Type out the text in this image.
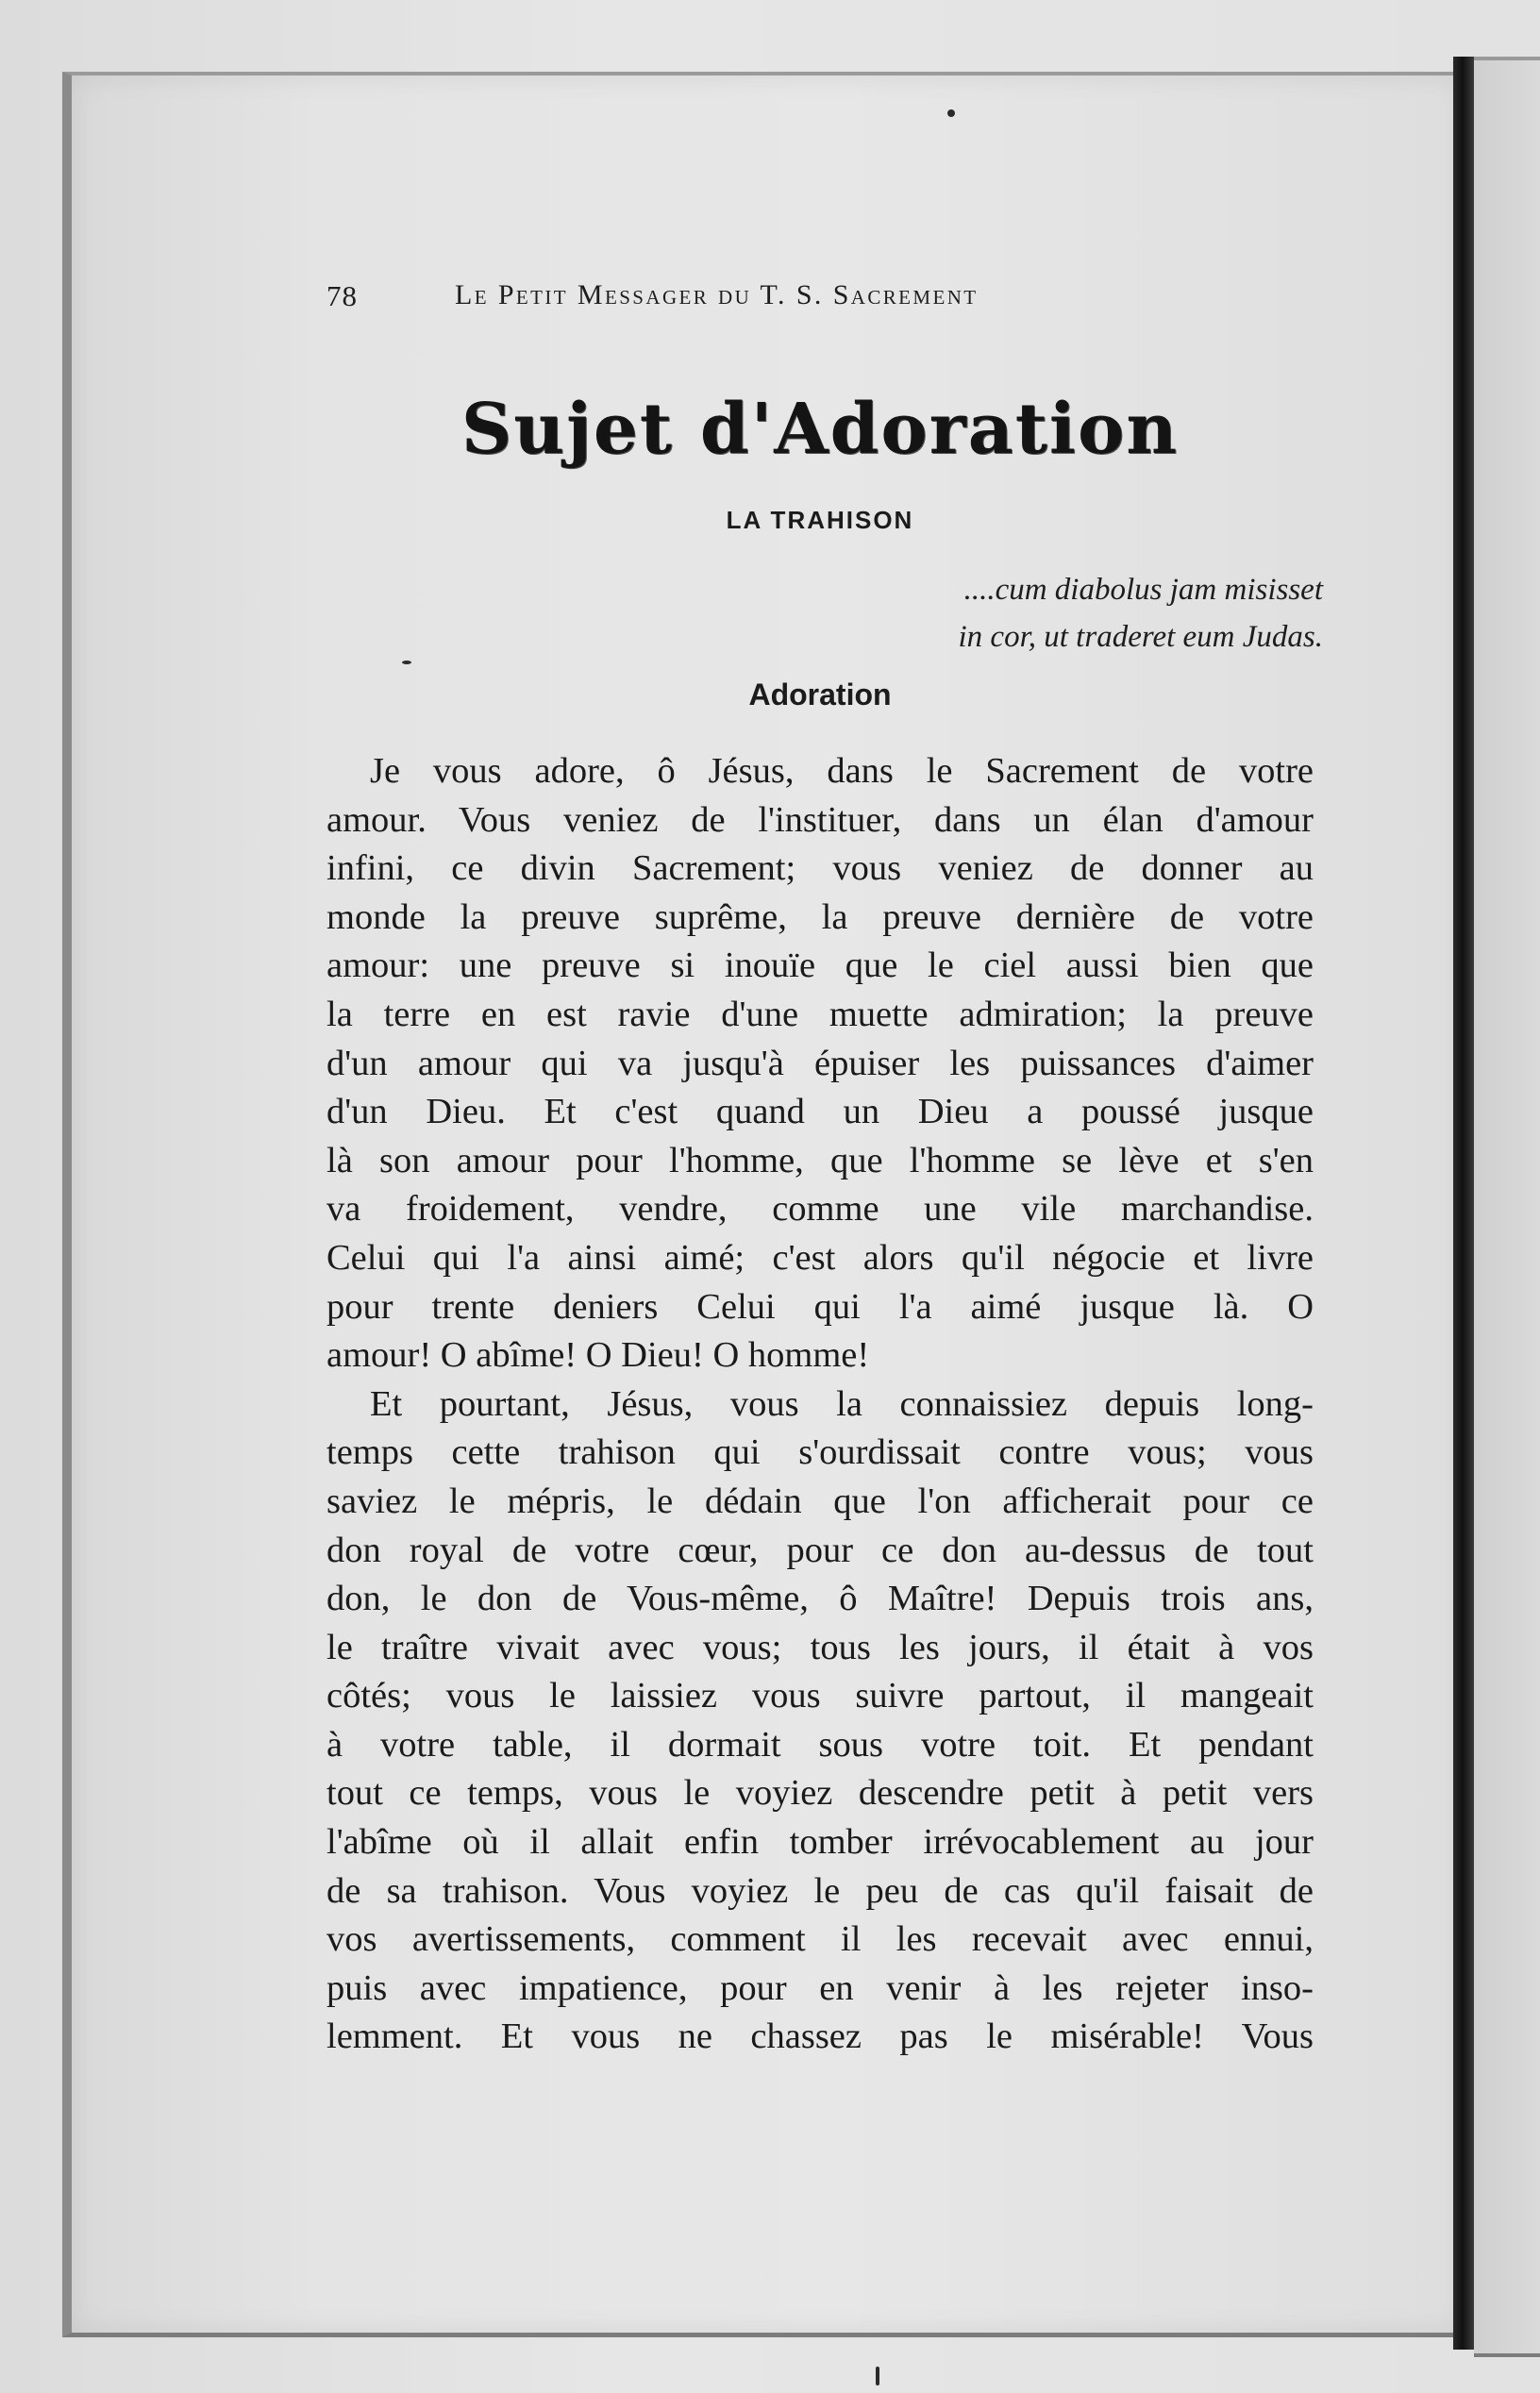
78	Le Petit Messager du T. S. Sacrement
Sujet d'Adoration
LA TRAHISON
....cum diabolus jam misisset
in cor, ut traderet eum Judas.
Adoration
Je vous adore, ô Jésus, dans le Sacrement de votre
amour. Vous veniez de l'instituer, dans un élan d'amour
infini, ce divin Sacrement; vous veniez de donner au
monde la preuve suprême, la preuve dernière de votre
amour: une preuve si inouïe que le ciel aussi bien que
la terre en est ravie d'une muette admiration; la preuve
d'un amour qui va jusqu'à épuiser les puissances d'aimer
d'un Dieu. Et c'est quand un Dieu a poussé jusque
là son amour pour l'homme, que l'homme se lève et s'en
va froidement, vendre, comme une vile marchandise.
Celui qui l'a ainsi aimé; c'est alors qu'il négocie et livre
pour trente deniers Celui qui l'a aimé jusque là. O
amour! O abîme! O Dieu! O homme!
Et pourtant, Jésus, vous la connaissiez depuis long-
temps cette trahison qui s'ourdissait contre vous; vous
saviez le mépris, le dédain que l'on afficherait pour ce
don royal de votre cœur, pour ce don au-dessus de tout
don, le don de Vous-même, ô Maître! Depuis trois ans,
le traître vivait avec vous; tous les jours, il était à vos
côtés; vous le laissiez vous suivre partout, il mangeait
à votre table, il dormait sous votre toit. Et pendant
tout ce temps, vous le voyiez descendre petit à petit vers
l'abîme où il allait enfin tomber irrévocablement au jour
de sa trahison. Vous voyiez le peu de cas qu'il faisait de
vos avertissements, comment il les recevait avec ennui,
puis avec impatience, pour en venir à les rejeter inso-
lemment. Et vous ne chassez pas le misérable! Vous
